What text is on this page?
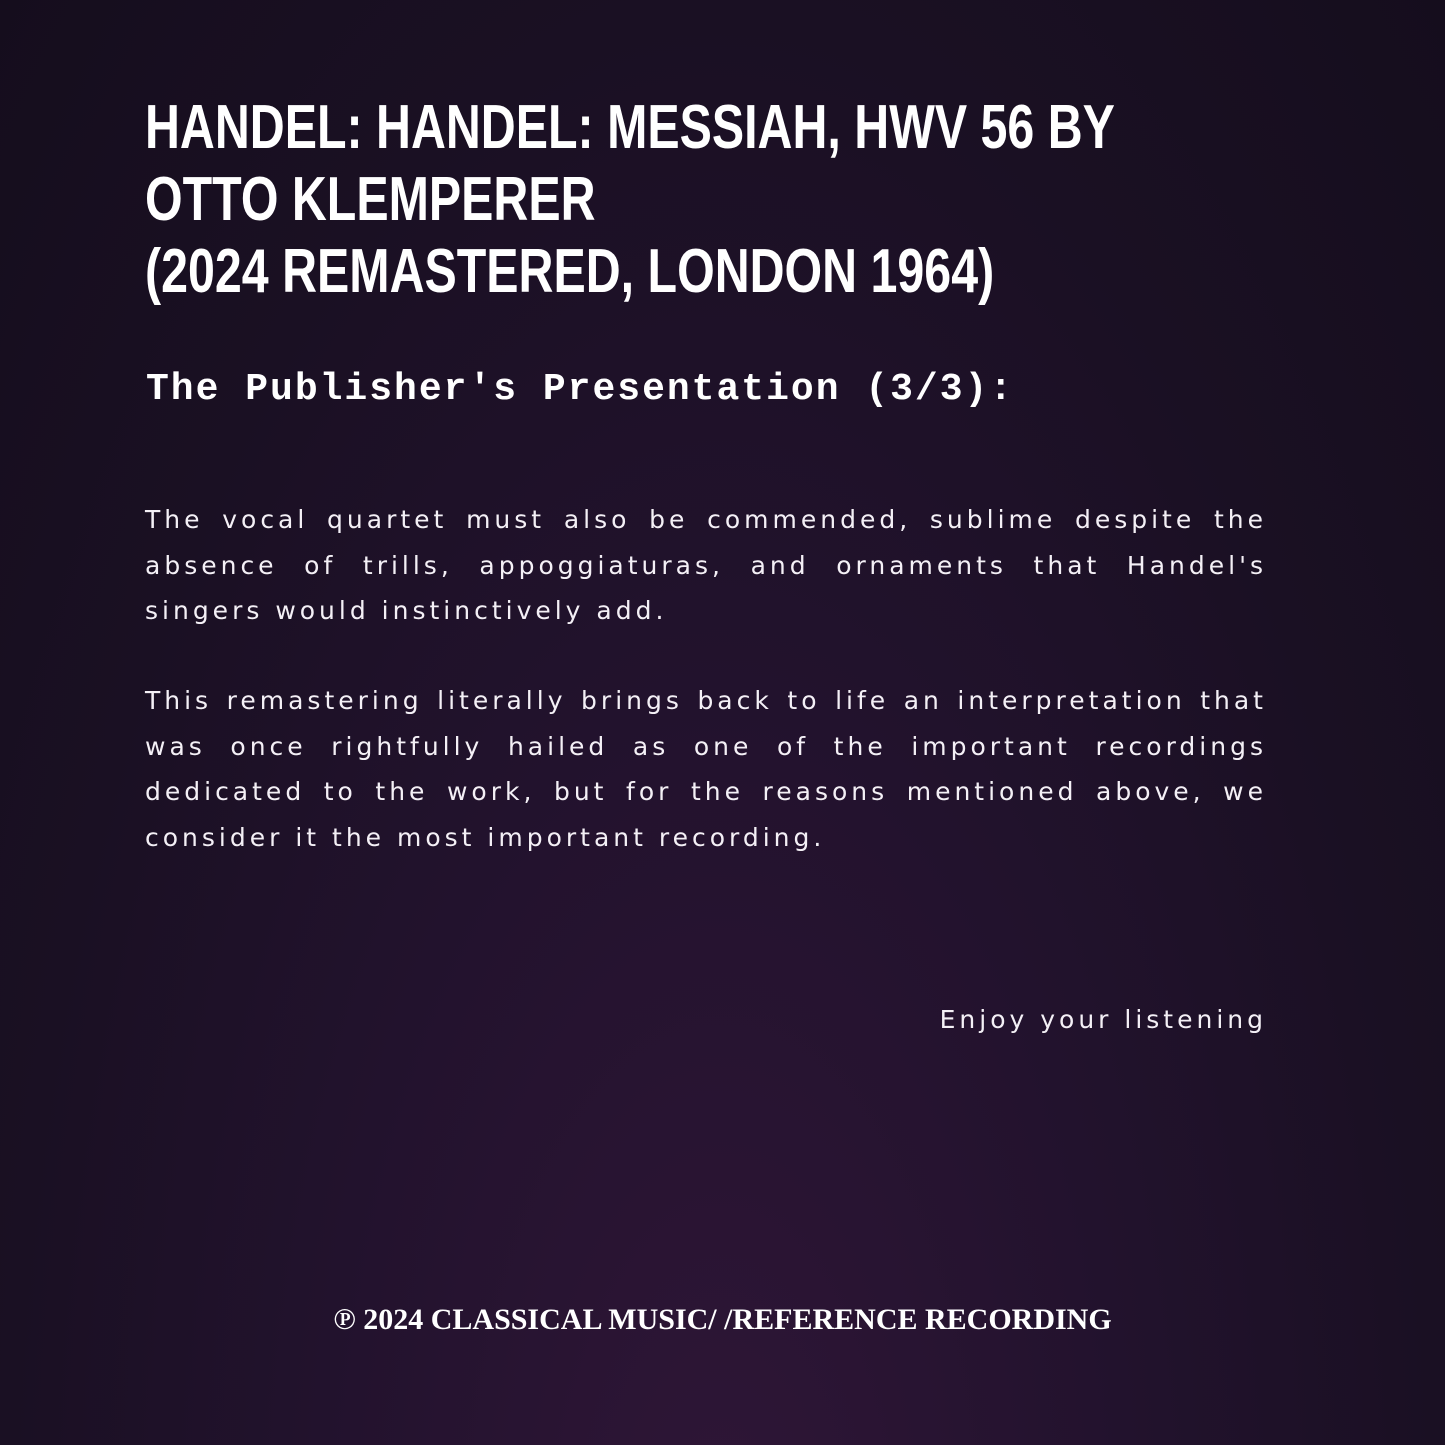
HANDEL: HANDEL: MESSIAH, HWV 56 BY
OTTO KLEMPERER
(2024 REMASTERED, LONDON 1964)
The Publisher's Presentation (3/3):

The vocal quartet must also be commended, sublime despite the absence of trills, appoggiaturas, and ornaments that Handel's singers would instinctively add.

This remastering literally brings back to life an interpretation that was once rightfully hailed as one of the important recordings dedicated to the work, but for the reasons mentioned above, we consider it the most important recording.

Enjoy your listening

℗ 2024 CLASSICAL MUSIC/ /REFERENCE RECORDING
